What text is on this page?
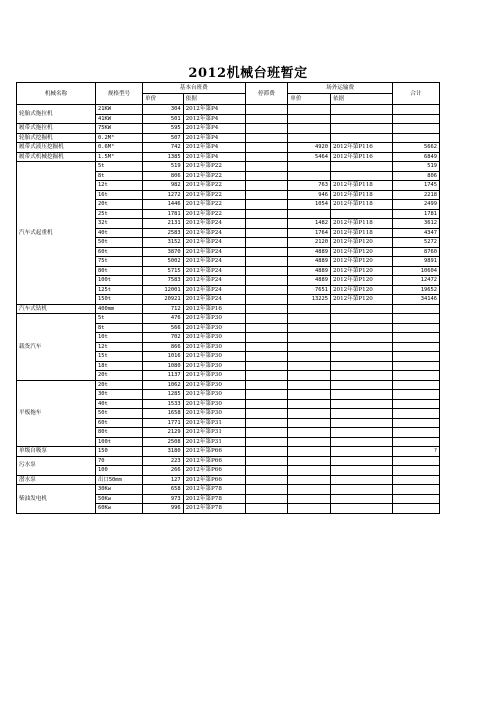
2012机械台班暂定
机械名称	规格型号	基本台班费		停滞费	场外运输费		合计
		单价	依据		单价	依据	
轮胎式拖拉机	21KW	304	2012年第P4				
	41KW	501	2012年第P4				
履带式拖拉机	75KW	595	2012年第P4				
轮胎式挖掘机	0.2M³	507	2012年第P4				
履带式液压挖掘机	0.6M³	742	2012年第P4		4920	2012年第P116	5662
履带式机械挖掘机	1.5M³	1385	2012年第P4		5464	2012年第P116	6849
汽车式起重机	5t	519	2012年第P22				519
	8t	806	2012年第P22				806
	12t	982	2012年第P22		763	2012年第P118	1745
	16t	1272	2012年第P22		946	2012年第P118	2218
	20t	1446	2012年第P22		1054	2012年第P118	2499
	25t	1781	2012年第P22				1781
	32t	2131	2012年第P24		1482	2012年第P118	3612
	40t	2583	2012年第P24		1764	2012年第P118	4347
	50t	3152	2012年第P24		2120	2012年第P120	5272
	60t	3870	2012年第P24		4889	2012年第P120	8760
	75t	5002	2012年第P24		4889	2012年第P120	9891
	80t	5715	2012年第P24		4889	2012年第P120	10604
	100t	7583	2012年第P24		4889	2012年第P120	12472
	125t	12001	2012年第P24		7651	2012年第P120	19652
	150t	20921	2012年第P24		13225	2012年第P120	34146
汽车式钻机	400mm	712	2012年第P16				
载货汽车	5t	476	2012年第P30				
	8t	566	2012年第P30				
	10t	702	2012年第P30				
	12t	866	2012年第P30				
	15t	1016	2012年第P30				
	18t	1080	2012年第P30				
	20t	1137	2012年第P30				
平板拖车	20t	1062	2012年第P30				
	30t	1285	2012年第P30				
	40t	1533	2012年第P30				
	50t	1658	2012年第P30				
	60t	1771	2012年第P31				
	80t	2129	2012年第P31				
	100t	2508	2012年第P31				
单级自吸泵	150	3180	2012年第P66				?
污水泵	70	223	2012年第P66				
	100	266	2012年第P66				
潜水泵	出口50mm	127	2012年第P66				
柴油发电机	30Kw	658	2012年第P78				
	50Kw	973	2012年第P78				
	60Kw	996	2012年第P78				
